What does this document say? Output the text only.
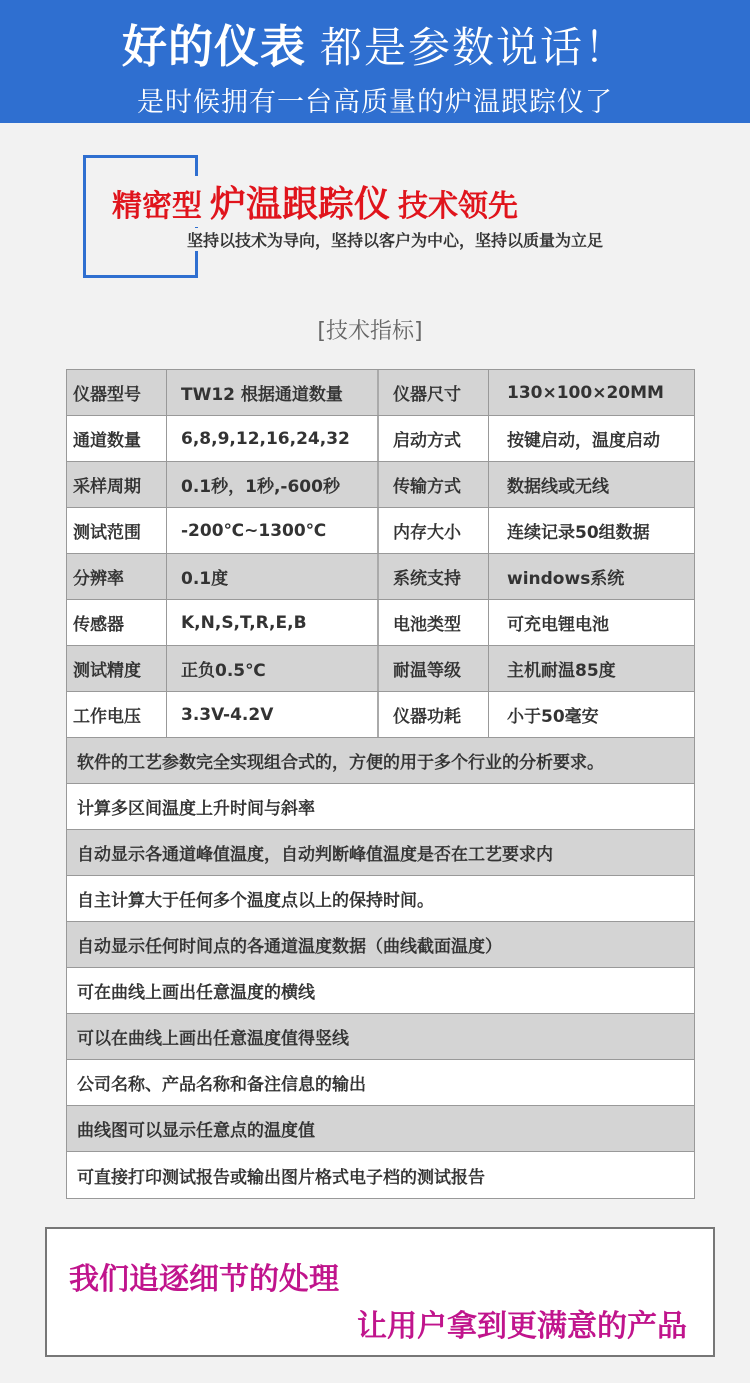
好的仪表 都是参数说话！
是时候拥有一台高质量的炉温跟踪仪了
精密型 炉温跟踪仪 技术领先
坚持以技术为导向，坚持以客户为中心，坚持以质量为立足
[技术指标]
仪器型号	TW12 根据通道数量	仪器尺寸	130×100×20MM
通道数量	6,8,9,12,16,24,32	启动方式	按键启动，温度启动
采样周期	0.1秒，1秒,-600秒	传输方式	数据线或无线
测试范围	-200℃~1300℃	内存大小	连续记录50组数据
分辨率	0.1度	系统支持	windows系统
传感器	K,N,S,T,R,E,B	电池类型	可充电锂电池
测试精度	正负0.5℃	耐温等级	主机耐温85度
工作电压	3.3V-4.2V	仪器功耗	小于50毫安
软件的工艺参数完全实现组合式的，方便的用于多个行业的分析要求。
计算多区间温度上升时间与斜率
自动显示各通道峰值温度，自动判断峰值温度是否在工艺要求内
自主计算大于任何多个温度点以上的保持时间。
自动显示任何时间点的各通道温度数据（曲线截面温度）
可在曲线上画出任意温度的横线
可以在曲线上画出任意温度值得竖线
公司名称、产品名称和备注信息的输出
曲线图可以显示任意点的温度值
可直接打印测试报告或输出图片格式电子档的测试报告
我们追逐细节的处理
让用户拿到更满意的产品
